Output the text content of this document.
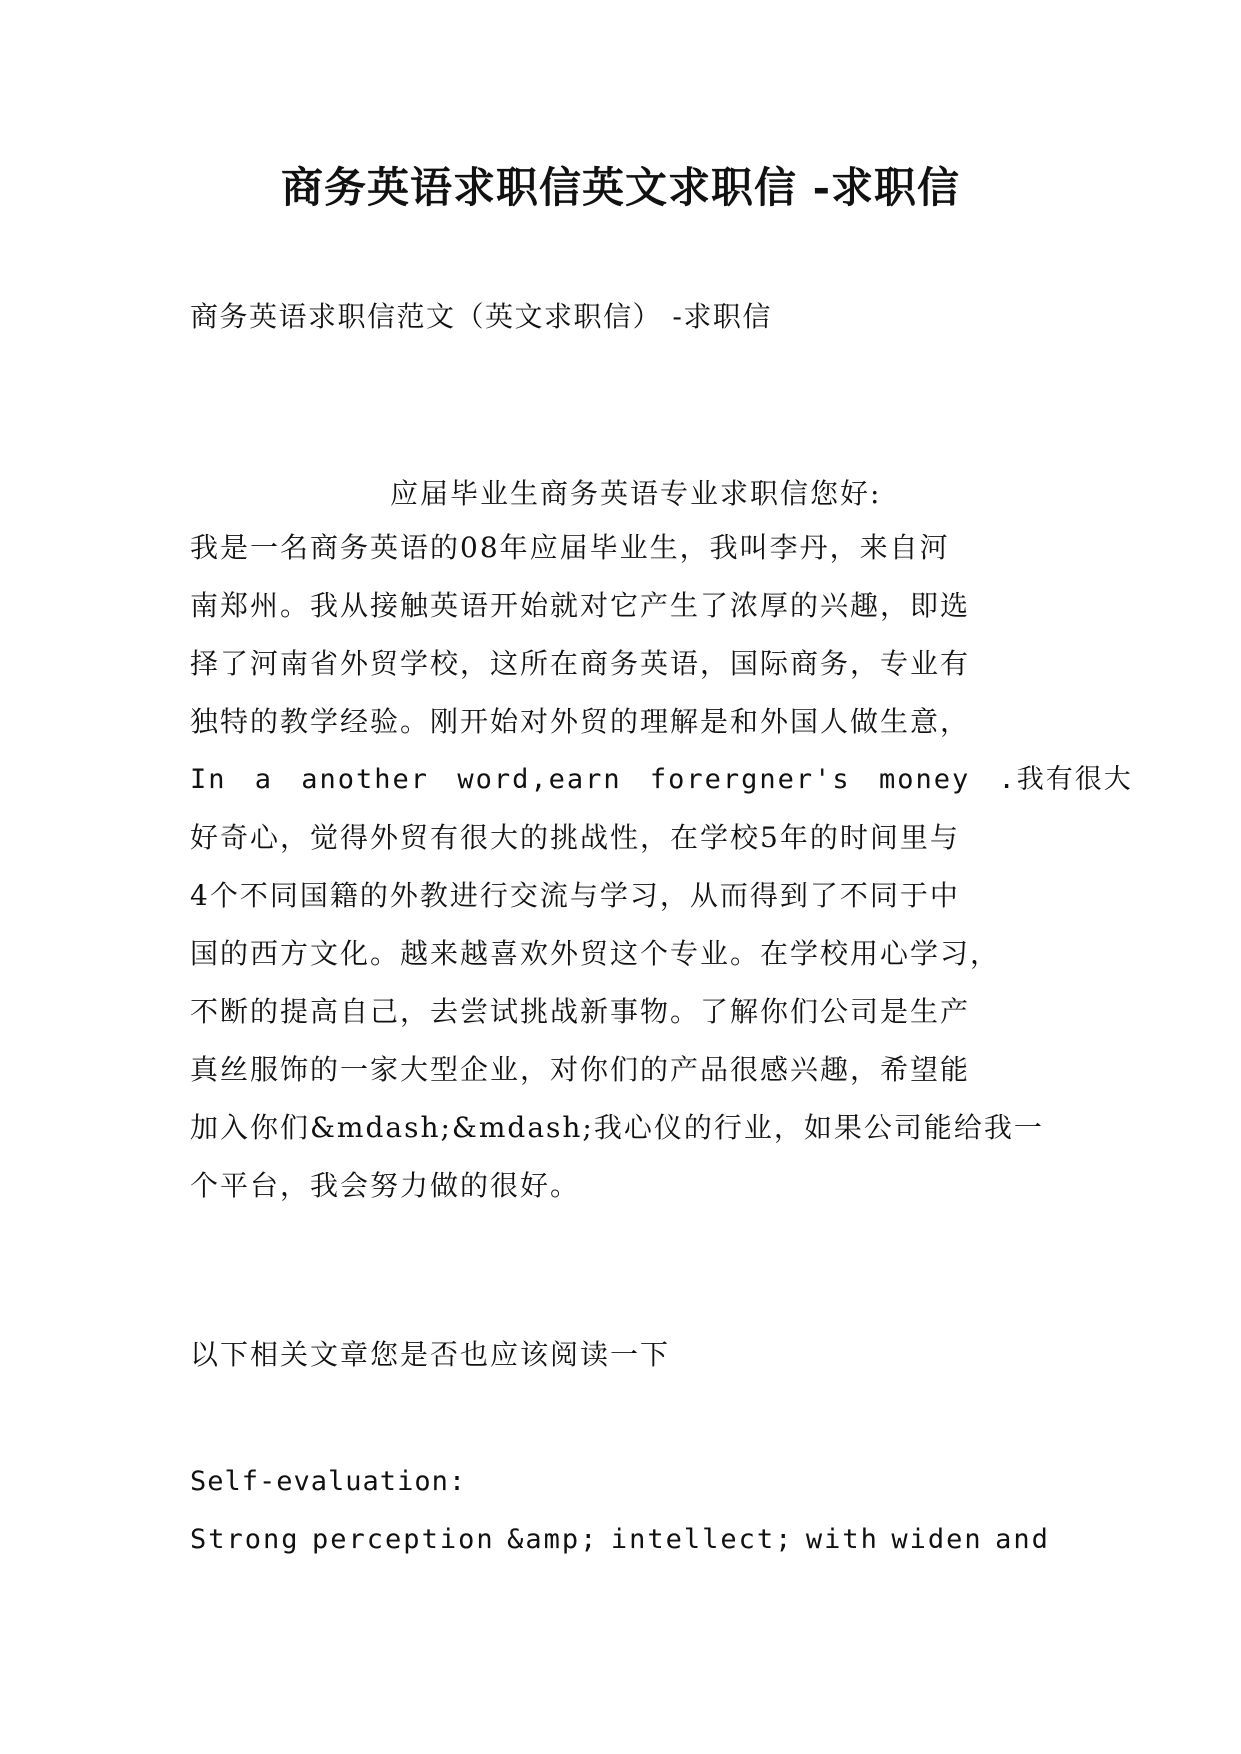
商务英语求职信英文求职信 -求职信
商务英语求职信范文（英文求职信） -求职信
应届毕业生商务英语专业求职信您好:
我是一名商务英语的08年应届毕业生，我叫李丹，来自河
南郑州。我从接触英语开始就对它产生了浓厚的兴趣，即选
择了河南省外贸学校，这所在商务英语，国际商务，专业有
独特的教学经验。刚开始对外贸的理解是和外国人做生意，
In a another word,earn forergner's money .我有很大
好奇心，觉得外贸有很大的挑战性，在学校5年的时间里与
4个不同国籍的外教进行交流与学习，从而得到了不同于中
国的西方文化。越来越喜欢外贸这个专业。在学校用心学习，
不断的提高自己，去尝试挑战新事物。了解你们公司是生产
真丝服饰的一家大型企业，对你们的产品很感兴趣，希望能
加入你们&mdash;&mdash;我心仪的行业，如果公司能给我一
个平台，我会努力做的很好。
以下相关文章您是否也应该阅读一下
Self-evaluation:
Strong perception &amp; intellect; with widen and
